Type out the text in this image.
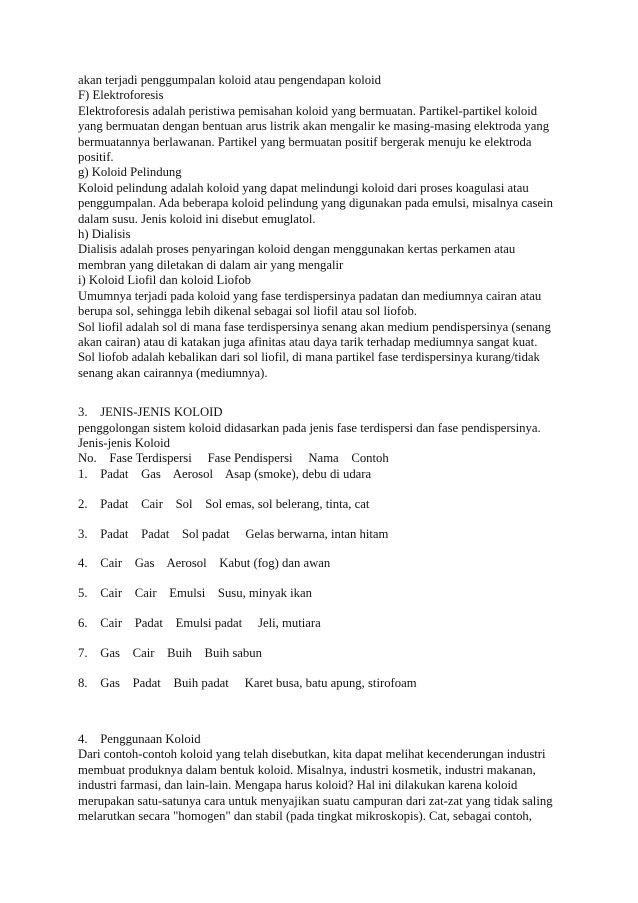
akan terjadi penggumpalan koloid atau pengendapan koloid
F) Elektroforesis
Elektroforesis adalah peristiwa pemisahan koloid yang bermuatan. Partikel-partikel koloid
yang bermuatan dengan bentuan arus listrik akan mengalir ke masing-masing elektroda yang
bermuatannya berlawanan. Partikel yang bermuatan positif bergerak menuju ke elektroda
positif.
g) Koloid Pelindung
Koloid pelindung adalah koloid yang dapat melindungi koloid dari proses koagulasi atau
penggumpalan. Ada beberapa koloid pelindung yang digunakan pada emulsi, misalnya casein
dalam susu. Jenis koloid ini disebut emuglatol.
h) Dialisis
Dialisis adalah proses penyaringan koloid dengan menggunakan kertas perkamen atau
membran yang diletakan di dalam air yang mengalir
i) Koloid Liofil dan koloid Liofob
Umumnya terjadi pada koloid yang fase terdispersinya padatan dan mediumnya cairan atau
berupa sol, sehingga lebih dikenal sebagai sol liofil atau sol liofob.
Sol liofil adalah sol di mana fase terdispersinya senang akan medium pendispersinya (senang
akan cairan) atau di katakan juga afinitas atau daya tarik terhadap mediumnya sangat kuat.
Sol liofob adalah kebalikan dari sol liofil, di mana partikel fase terdispersinya kurang/tidak
senang akan cairannya (mediumnya).
3.    JENIS-JENIS KOLOID
penggolongan sistem koloid didasarkan pada jenis fase terdispersi dan fase pendispersinya.
Jenis-jenis Koloid
No.    Fase Terdispersi     Fase Pendispersi     Nama    Contoh
1.    Padat    Gas    Aerosol    Asap (smoke), debu di udara
2.    Padat    Cair    Sol    Sol emas, sol belerang, tinta, cat
3.    Padat    Padat    Sol padat     Gelas berwarna, intan hitam
4.    Cair    Gas    Aerosol    Kabut (fog) dan awan
5.    Cair    Cair    Emulsi    Susu, minyak ikan
6.    Cair    Padat    Emulsi padat     Jeli, mutiara
7.    Gas    Cair    Buih    Buih sabun
8.    Gas    Padat    Buih padat     Karet busa, batu apung, stirofoam
4.    Penggunaan Koloid
Dari contoh-contoh koloid yang telah disebutkan, kita dapat melihat kecenderungan industri
membuat produknya dalam bentuk koloid. Misalnya, industri kosmetik, industri makanan,
industri farmasi, dan lain-lain. Mengapa harus koloid? Hal ini dilakukan karena koloid
merupakan satu-satunya cara untuk menyajikan suatu campuran dari zat-zat yang tidak saling
melarutkan secara "homogen" dan stabil (pada tingkat mikroskopis). Cat, sebagai contoh,
